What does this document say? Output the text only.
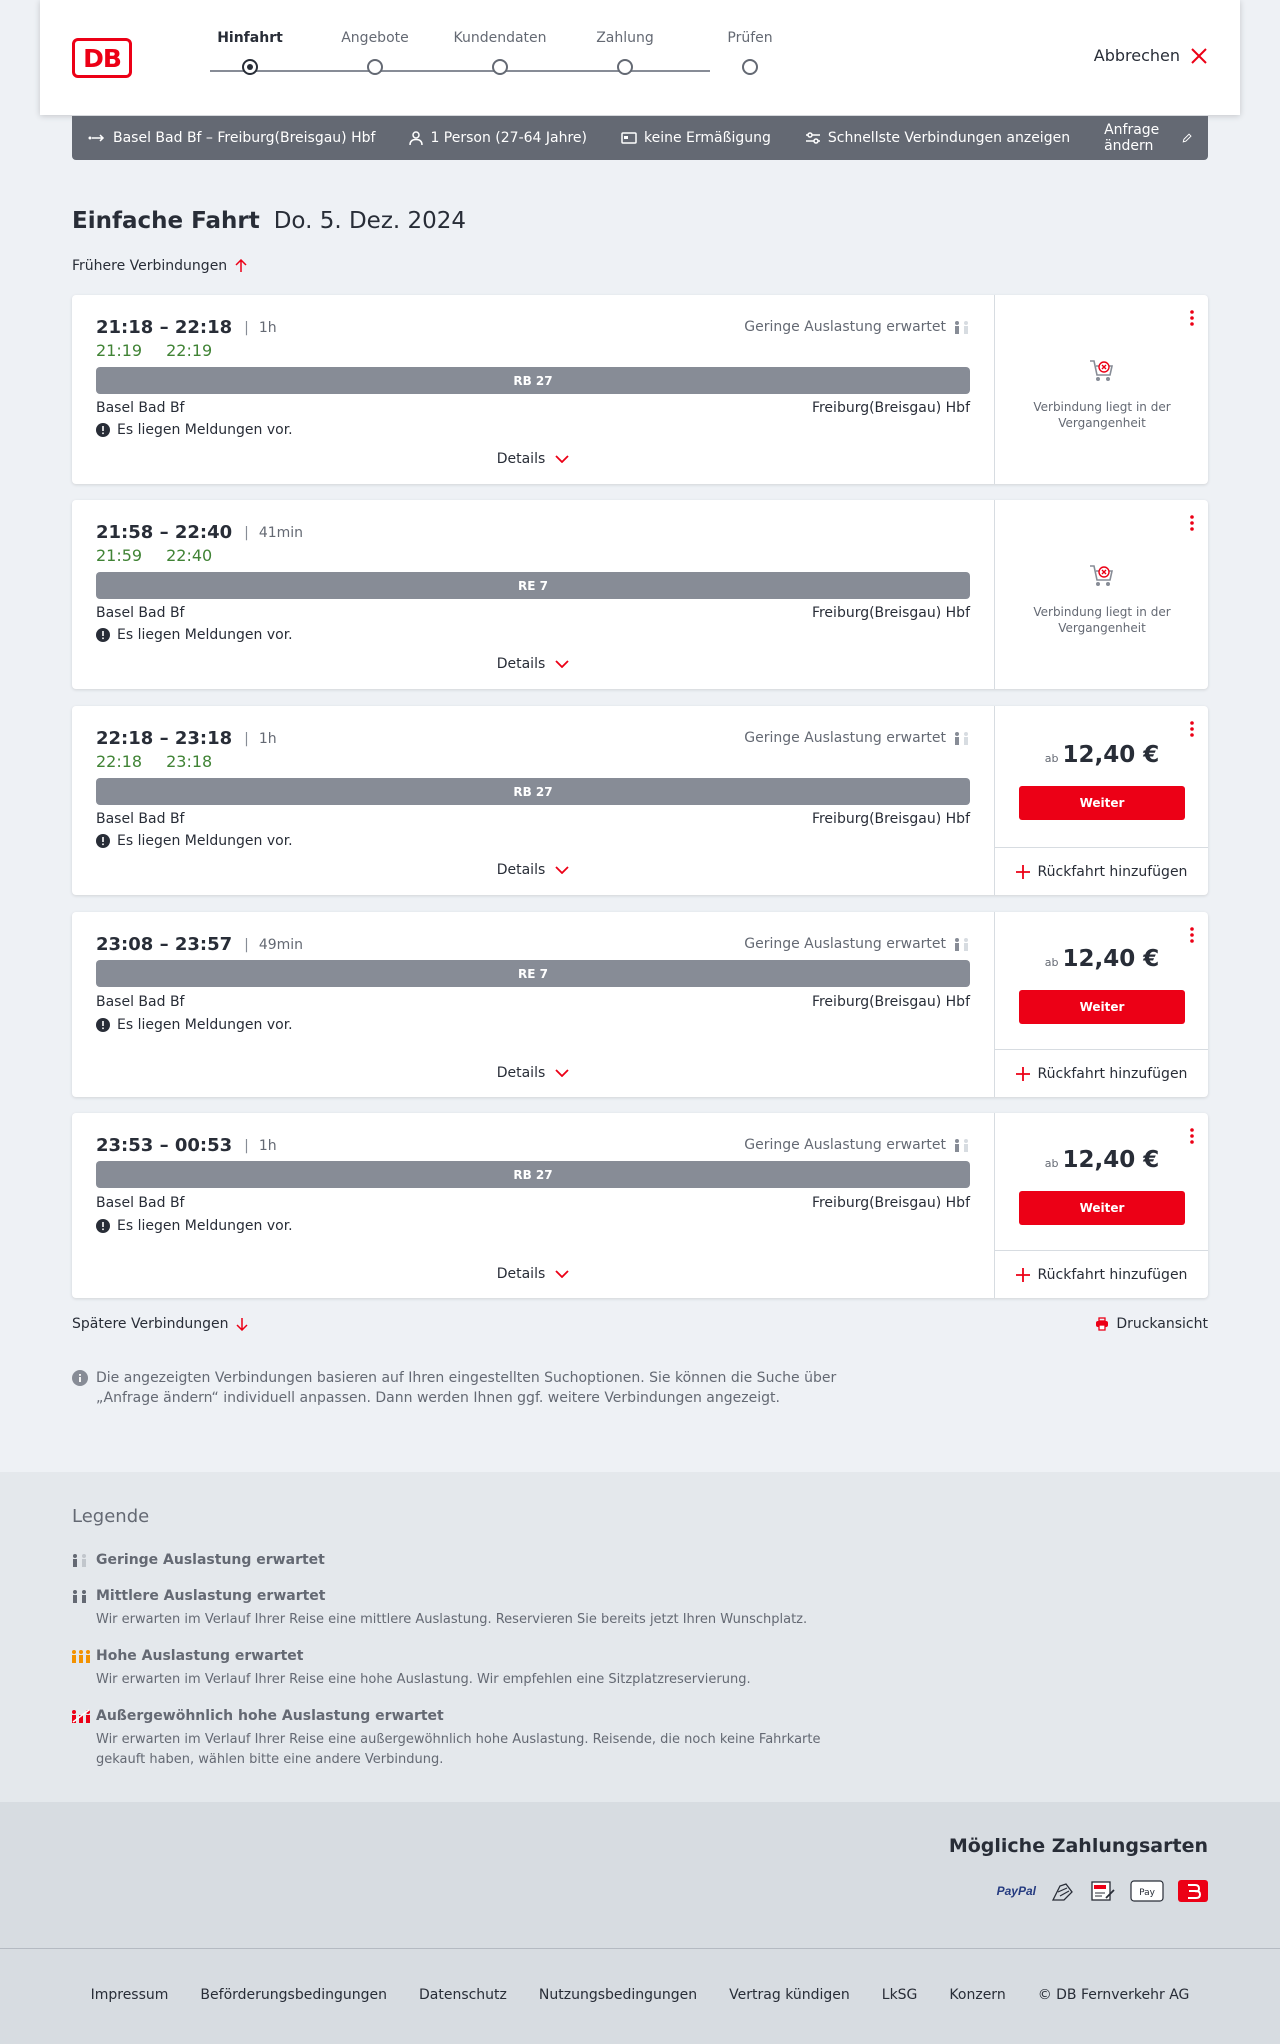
DB
Hinfahrt	Angebote	Kundendaten	Zahlung	Prüfen
Abbrechen
Basel Bad Bf – Freiburg(Breisgau) Hbf	1 Person (27-64 Jahre)	keine Ermäßigung	Schnellste Verbindungen anzeigen Anfrage ändern
Einfache Fahrt Do. 5. Dez. 2024
Frühere Verbindungen
21:18 – 22:18 | 1h
21:19 22:19
Geringe Auslastung erwartet
RB 27
Basel Bad Bf	Freiburg(Breisgau) Hbf
Es liegen Meldungen vor.
Details
Verbindung liegt in der Vergangenheit
21:58 – 22:40 | 41min
21:59 22:40
RE 7
Basel Bad Bf	Freiburg(Breisgau) Hbf
Es liegen Meldungen vor.
Details
Verbindung liegt in der Vergangenheit
22:18 – 23:18 | 1h
22:18 23:18
Geringe Auslastung erwartet
RB 27
Basel Bad Bf	Freiburg(Breisgau) Hbf
Es liegen Meldungen vor.
Details
ab 12,40 €
Weiter
Rückfahrt hinzufügen
23:08 – 23:57 | 49min	Geringe Auslastung erwartet
RE 7
Basel Bad Bf	Freiburg(Breisgau) Hbf
Es liegen Meldungen vor.
Details
ab 12,40 €
Weiter
Rückfahrt hinzufügen
23:53 – 00:53 | 1h	Geringe Auslastung erwartet
RB 27
Basel Bad Bf	Freiburg(Breisgau) Hbf
Es liegen Meldungen vor.
Details
ab 12,40 €
Weiter
Rückfahrt hinzufügen
Spätere Verbindungen	Druckansicht
Die angezeigten Verbindungen basieren auf Ihren eingestellten Suchoptionen. Sie können die Suche über „Anfrage ändern“ individuell anpassen. Dann werden Ihnen ggf. weitere Verbindungen angezeigt.
Legende
Geringe Auslastung erwartet
Mittlere Auslastung erwartet
Wir erwarten im Verlauf Ihrer Reise eine mittlere Auslastung. Reservieren Sie bereits jetzt Ihren Wunschplatz.
Hohe Auslastung erwartet
Wir erwarten im Verlauf Ihrer Reise eine hohe Auslastung. Wir empfehlen eine Sitzplatzreservierung.
Außergewöhnlich hohe Auslastung erwartet
Wir erwarten im Verlauf Ihrer Reise eine außergewöhnlich hohe Auslastung. Reisende, die noch keine Fahrkarte gekauft haben, wählen bitte eine andere Verbindung.
Mögliche Zahlungsarten
PayPal	Pay
Impressum Beförderungsbedingungen Datenschutz Nutzungsbedingungen Vertrag kündigen LkSG Konzern © DB Fernverkehr AG
